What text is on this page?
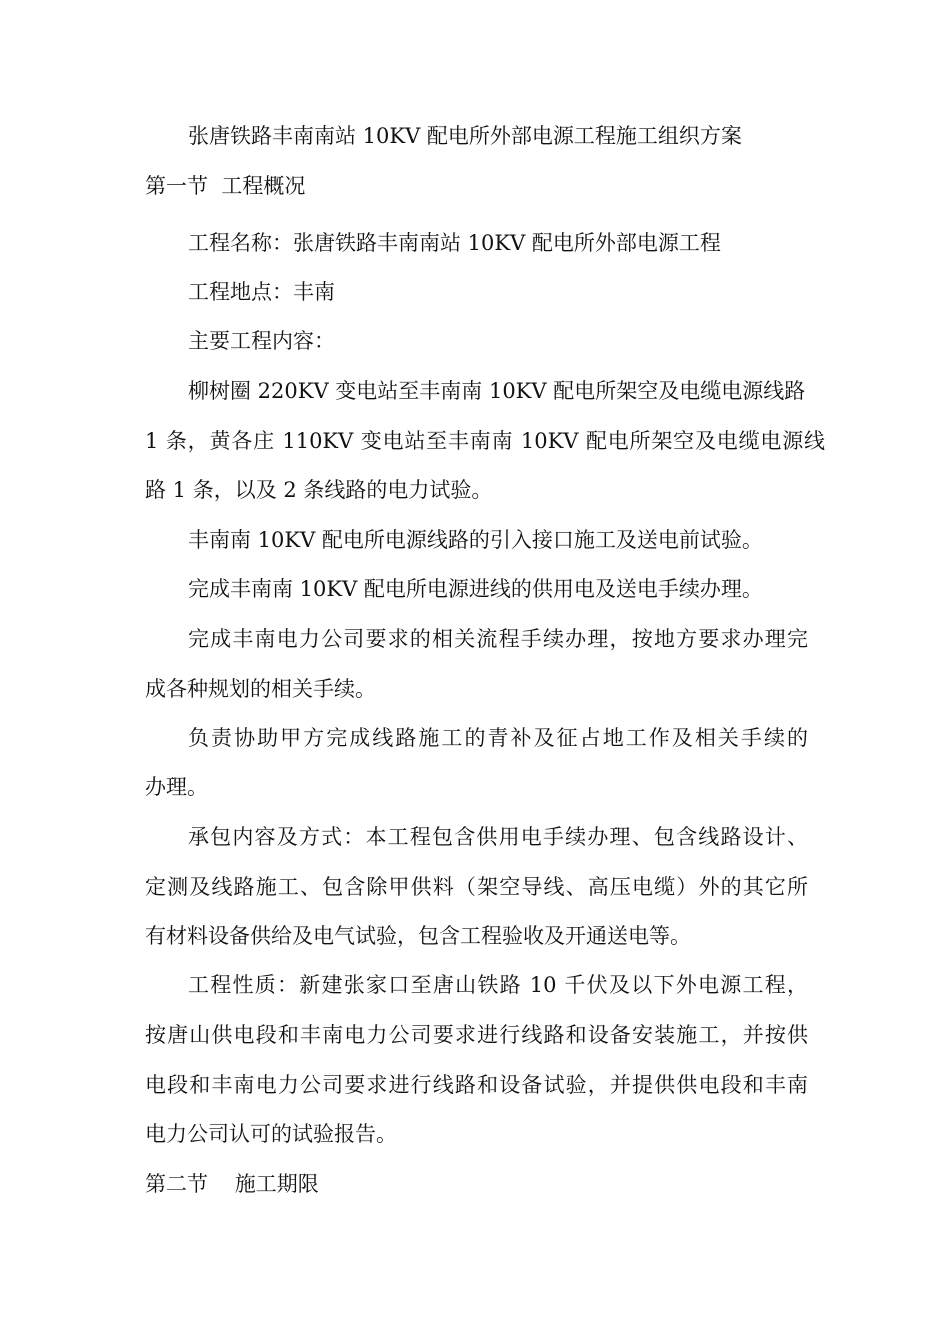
张唐铁路丰南南站 10KV 配电所外部电源工程施工组织方案
第一节  工程概况
工程名称：张唐铁路丰南南站 10KV 配电所外部电源工程
工程地点：丰南
主要工程内容：
柳树圈 220KV 变电站至丰南南 10KV 配电所架空及电缆电源线路
1 条，黄各庄 110KV 变电站至丰南南 10KV 配电所架空及电缆电源线
路 1 条，以及 2 条线路的电力试验。
丰南南 10KV 配电所电源线路的引入接口施工及送电前试验。
完成丰南南 10KV 配电所电源进线的供用电及送电手续办理。
完成丰南电力公司要求的相关流程手续办理，按地方要求办理完
成各种规划的相关手续。
负责协助甲方完成线路施工的青补及征占地工作及相关手续的
办理。
承包内容及方式：本工程包含供用电手续办理、包含线路设计、
定测及线路施工、包含除甲供料（架空导线、高压电缆）外的其它所
有材料设备供给及电气试验，包含工程验收及开通送电等。
工程性质：新建张家口至唐山铁路 10 千伏及以下外电源工程，
按唐山供电段和丰南电力公司要求进行线路和设备安装施工，并按供
电段和丰南电力公司要求进行线路和设备试验，并提供供电段和丰南
电力公司认可的试验报告。
第二节    施工期限
